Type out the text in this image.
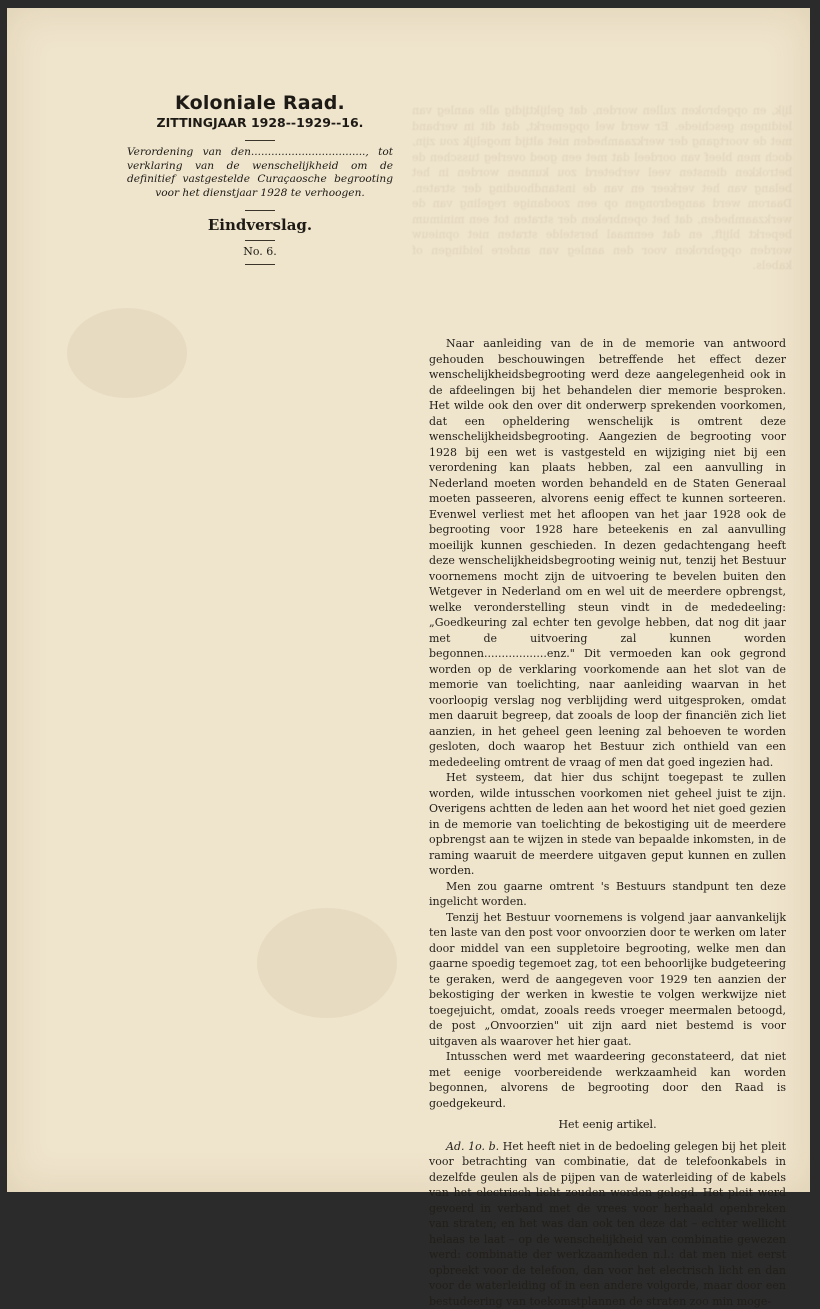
lijk, en opgebroken zullen worden, dat gelijktijdig alle aanleg van leidingen geschiede. Er werd wel opgemerkt, dat dit in verband met de voortgang der werkzaamheden niet altijd mogelijk zou zijn, doch men bleef van oordeel dat met een goed overleg tusschen de betrokken diensten veel verbeterd zou kunnen worden in het belang van het verkeer en van de instandhouding der straten. Daarom werd aangedrongen op een zoodanige regeling van de werkzaamheden, dat het openbreken der straten tot een minimum beperkt blijft, en dat eenmaal herstelde straten niet opnieuw worden opgebroken voor den aanleg van andere leidingen of kabels.
Koloniale Raad.
ZITTINGJAAR 1928--1929--16.
Verordening van den.................................., tot verklaring van de wenschelijkheid om de definitief vastgestelde Curaçaosche begrooting voor het dienstjaar 1928 te verhoogen.
Eindverslag.
No. 6.

Naar aanleiding van de in de memorie van antwoord gehouden beschouwingen betreffende het effect dezer wenschelijkheidsbegrooting werd deze aangelegenheid ook in de afdeelingen bij het behandelen dier memorie besproken. Het wilde ook den over dit onderwerp sprekenden voorkomen, dat een opheldering wenschelijk is omtrent deze wenschelijkheidsbegrooting. Aangezien de begrooting voor 1928 bij een wet is vastgesteld en wijziging niet bij een verordening kan plaats hebben, zal een aanvulling in Nederland moeten worden behandeld en de Staten Generaal moeten passeeren, alvorens eenig effect te kunnen sorteeren. Evenwel verliest met het afloopen van het jaar 1928 ook de begrooting voor 1928 hare beteekenis en zal aanvulling moeilijk kunnen geschieden. In dezen gedachtengang heeft deze wenschelijkheidsbegrooting weinig nut, tenzij het Bestuur voornemens mocht zijn de uitvoering te bevelen buiten den Wetgever in Nederland om en wel uit de meerdere opbrengst, welke veronderstelling steun vindt in de mededeeling: „Goedkeuring zal echter ten gevolge hebben, dat nog dit jaar met de uitvoering zal kunnen worden begonnen..................enz." Dit vermoeden kan ook gegrond worden op de verklaring voorkomende aan het slot van de memorie van toelichting, naar aanleiding waarvan in het voorloopig verslag nog verblijding werd uitgesproken, omdat men daaruit begreep, dat zooals de loop der financiën zich liet aanzien, in het geheel geen leening zal behoeven te worden gesloten, doch waarop het Bestuur zich onthield van een mededeeling omtrent de vraag of men dat goed ingezien had.

Het systeem, dat hier dus schijnt toegepast te zullen worden, wilde intusschen voorkomen niet geheel juist te zijn. Overigens achtten de leden aan het woord het niet goed gezien in de memorie van toelichting de bekostiging uit de meerdere opbrengst aan te wijzen in stede van bepaalde inkomsten, in de raming waaruit de meerdere uitgaven geput kunnen en zullen worden.

Men zou gaarne omtrent 's Bestuurs standpunt ten deze ingelicht worden.

Tenzij het Bestuur voornemens is volgend jaar aanvankelijk ten laste van den post voor onvoorzien door te werken om later door middel van een suppletoire begrooting, welke men dan gaarne spoedig tegemoet zag, tot een behoorlijke budgeteering te geraken, werd de aangegeven voor 1929 ten aanzien der bekostiging der werken in kwestie te volgen werkwijze niet toegejuicht, omdat, zooals reeds vroeger meermalen betoogd, de post „Onvoorzien" uit zijn aard niet bestemd is voor uitgaven als waarover het hier gaat.

Intusschen werd met waardeering geconstateerd, dat niet met eenige voorbereidende werkzaamheid kan worden begonnen, alvorens de begrooting door den Raad is goedgekeurd.

Het eenig artikel.

Ad. 1o. b. Het heeft niet in de bedoeling gelegen bij het pleit voor betrachting van combinatie, dat de telefoonkabels in dezelfde geulen als de pijpen van de waterleiding of de kabels van het electrisch licht zouden worden gelegd. Het pleit werd gevoerd in verband met de vrees voor herhaald openbreken van straten; en het was dan ook ten deze dat – echter wellicht helaas te laat – op de wenschelijkheid van combinatie gewezen werd: combinatie der werkzaamheden n.l.: dat men niet eerst opbreekt voor de telefoon, dan voor het electrisch licht en dan voor de waterleiding of in een andere volgorde, maar door een bestudeering van toekomstplannen de straten zoo min moge-
